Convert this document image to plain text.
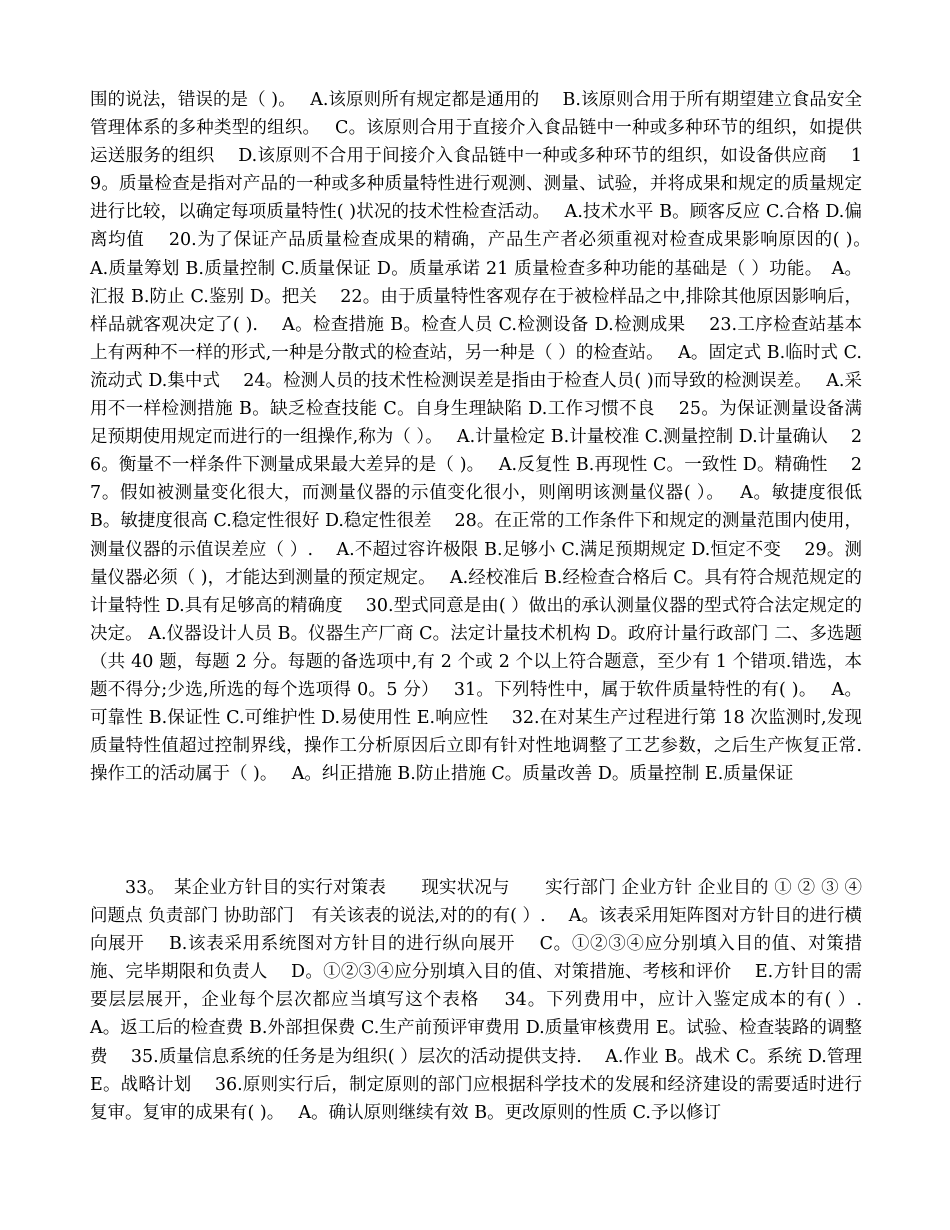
围的说法，错误的是（ )。　 A.该原则所有规定都是通用的　 B.该原则合用于所有期望建立食品安全管理体系的多种类型的组织。　 C。该原则合用于直接介入食品链中一种或多种环节的组织，如提供运送服务的组织　 D.该原则不合用于间接介入食品链中一种或多种环节的组织，如设备供应商　 19。质量检查是指对产品的一种或多种质量特性进行观测、测量、试验，并将成果和规定的质量规定进行比较，以确定每项质量特性( )状况的技术性检查活动。　 A.技术水平 B。顾客反应 C.合格 D.偏离均值　 20.为了保证产品质量检查成果的精确，产品生产者必须重视对检查成果影响原因的( )。　 A.质量筹划 B.质量控制 C.质量保证 D。质量承诺 21 质量检查多种功能的基础是（ ）功能。　A。汇报 B.防止 C.鉴别 D。把关　 22。由于质量特性客观存在于被检样品之中,排除其他原因影响后，样品就客观决定了( ).　 A。检查措施 B。检查人员 C.检测设备 D.检测成果　 23.工序检查站基本上有两种不一样的形式,一种是分散式的检查站，另一种是（ ）的检查站。　 A。固定式 B.临时式 C.流动式 D.集中式　 24。检测人员的技术性检测误差是指由于检查人员( )而导致的检测误差。　 A.采用不一样检测措施 B。缺乏检查技能 C。自身生理缺陷 D.工作习惯不良　 25。为保证测量设备满足预期使用规定而进行的一组操作,称为（ ）。　 A.计量检定 B.计量校准 C.测量控制 D.计量确认　 26。衡量不一样条件下测量成果最大差异的是（ )。　 A.反复性 B.再现性 C。一致性 D。精确性　 27。假如被测量变化很大，而测量仪器的示值变化很小，则阐明该测量仪器( ）。　 A。敏捷度很低 B。敏捷度很高 C.稳定性很好 D.稳定性很差　 28。在正常的工作条件下和规定的测量范围内使用，测量仪器的示值误差应（ ）.　 A.不超过容许极限 B.足够小 C.满足预期规定 D.恒定不变　 29。测量仪器必须（ )，才能达到测量的预定规定。　 A.经校准后 B.经检查合格后 C。具有符合规范规定的计量特性 D.具有足够高的精确度　 30.型式同意是由( ）做出的承认测量仪器的型式符合法定规定的决定。 A.仪器设计人员 B。仪器生产厂商 C。法定计量技术机构 D。政府计量行政部门 二、多选题（共 40 题，每题 2 分。每题的备选项中,有 2 个或 2 个以上符合题意，至少有 1 个错项.错选，本题不得分;少选,所选的每个选项得 0。5 分）　 31。下列特性中，属于软件质量特性的有( )。　 A。可靠性 B.保证性 C.可维护性 D.易使用性 E.响应性　 32.在对某生产过程进行第 18 次监测时,发现质量特性值超过控制界线，操作工分析原因后立即有针对性地调整了工艺参数，之后生产恢复正常.操作工的活动属于（ )。　 A。纠正措施 B.防止措施 C。质量改善 D。质量控制 E.质量保证

33。　某企业方针目的实行对策表　　现实状况与　　实行部门 企业方针 企业目的 ① ② ③ ④ 问题点 负责部门 协助部门　有关该表的说法,对的的有( ）.　 A。该表采用矩阵图对方针目的进行横向展开　 B.该表采用系统图对方针目的进行纵向展开　 C。①②③④应分别填入目的值、对策措施、完毕期限和负责人　 D。①②③④应分别填入目的值、对策措施、考核和评价　 E.方针目的需要层层展开，企业每个层次都应当填写这个表格　 34。下列费用中，应计入鉴定成本的有( ）.　 A。返工后的检查费 B.外部担保费 C.生产前预评审费用 D.质量审核费用 E。试验、检查装路的调整费　 35.质量信息系统的任务是为组织( ）层次的活动提供支持.　 A.作业 B。战术 C。系统 D.管理 E。战略计划　 36.原则实行后，制定原则的部门应根据科学技术的发展和经济建设的需要适时进行复审。复审的成果有( )。　 A。确认原则继续有效 B。更改原则的性质 C.予以修订
